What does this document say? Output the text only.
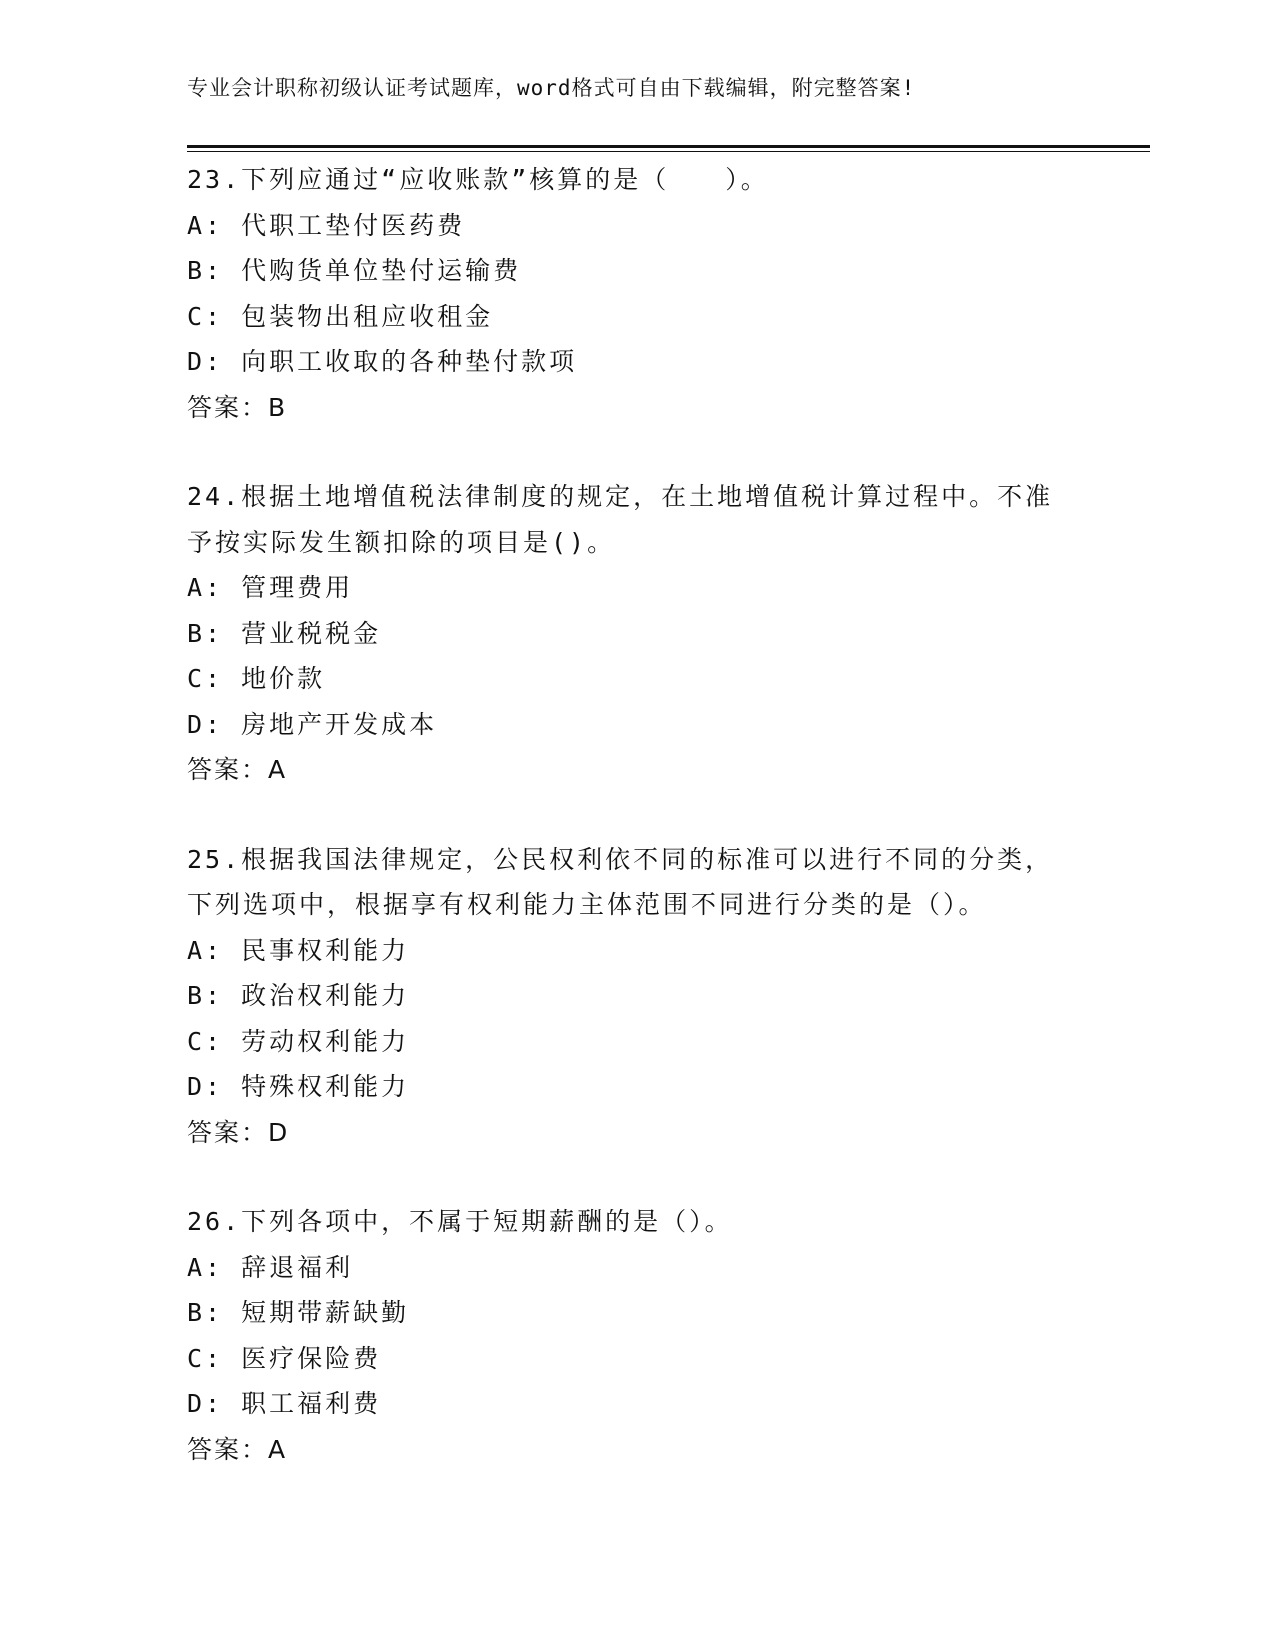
专业会计职称初级认证考试题库，word格式可自由下载编辑，附完整答案!
23.下列应通过“应收账款”核算的是（　　）。
A: 代职工垫付医药费
B: 代购货单位垫付运输费
C: 包装物出租应收租金
D: 向职工收取的各种垫付款项
答案：B
24.根据土地增值税法律制度的规定，在土地增值税计算过程中。不准
予按实际发生额扣除的项目是()。
A: 管理费用
B: 营业税税金
C: 地价款
D: 房地产开发成本
答案：A
25.根据我国法律规定，公民权利依不同的标准可以进行不同的分类，
下列选项中，根据享有权利能力主体范围不同进行分类的是（）。
A: 民事权利能力
B: 政治权利能力
C: 劳动权利能力
D: 特殊权利能力
答案：D
26.下列各项中，不属于短期薪酬的是（）。
A: 辞退福利
B: 短期带薪缺勤
C: 医疗保险费
D: 职工福利费
答案：A
